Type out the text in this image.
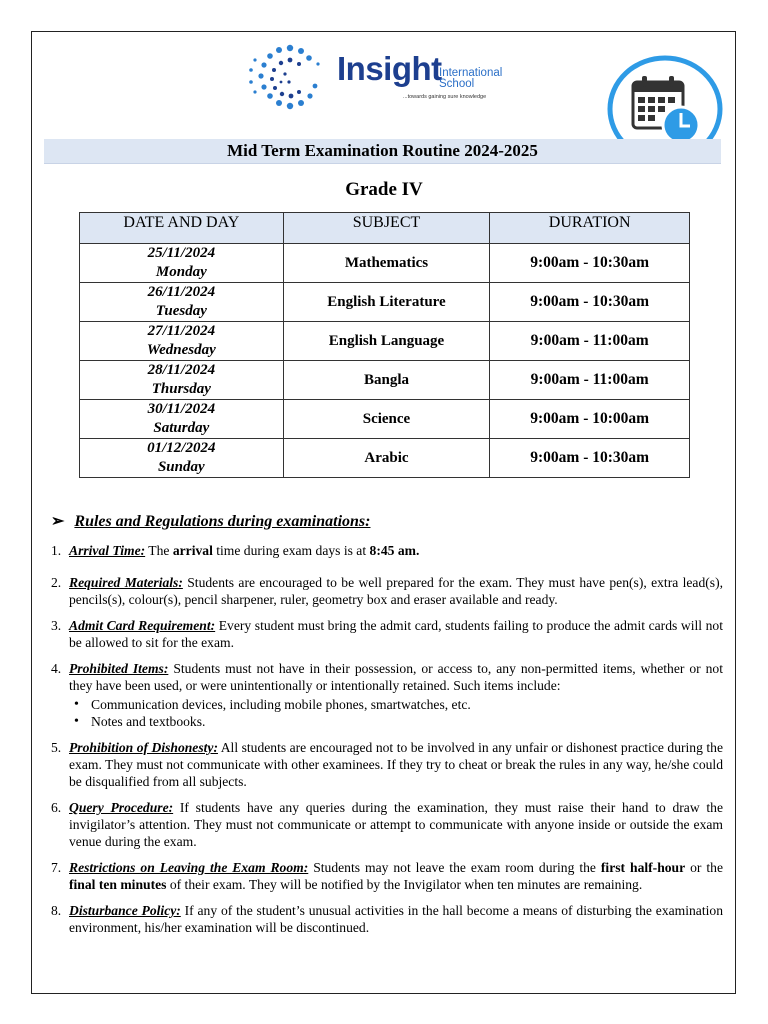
Insight
International
School
...towards gaining sure knowledge
Mid Term Examination Routine 2024-2025
Grade IV
DATE AND DAY	SUBJECT	DURATION
25/11/2024
Monday	Mathematics	9:00am - 10:30am
26/11/2024
Tuesday	English Literature	9:00am - 10:30am
27/11/2024
Wednesday	English Language	9:00am - 11:00am
28/11/2024
Thursday	Bangla	9:00am - 11:00am
30/11/2024
Saturday	Science	9:00am - 10:00am
01/12/2024
Sunday	Arabic	9:00am - 10:30am
➢ Rules and Regulations during examinations:
1. Arrival Time: The arrival time during exam days is at 8:45 am.
2. Required Materials: Students are encouraged to be well prepared for the exam. They must have pen(s), extra lead(s), pencils(s), colour(s), pencil sharpener, ruler, geometry box and eraser available and ready.
3. Admit Card Requirement: Every student must bring the admit card, students failing to produce the admit cards will not be allowed to sit for the exam.
4. Prohibited Items: Students must not have in their possession, or access to, any non-permitted items, whether or not they have been used, or were unintentionally or intentionally retained. Such items include:
• Communication devices, including mobile phones, smartwatches, etc.
• Notes and textbooks.
5. Prohibition of Dishonesty: All students are encouraged not to be involved in any unfair or dishonest practice during the exam. They must not communicate with other examinees. If they try to cheat or break the rules in any way, he/she could be disqualified from all subjects.
6. Query Procedure: If students have any queries during the examination, they must raise their hand to draw the invigilator’s attention. They must not communicate or attempt to communicate with anyone inside or outside the exam venue during the exam.
7. Restrictions on Leaving the Exam Room: Students may not leave the exam room during the first half-hour or the final ten minutes of their exam. They will be notified by the Invigilator when ten minutes are remaining.
8. Disturbance Policy: If any of the student’s unusual activities in the hall become a means of disturbing the examination environment, his/her examination will be discontinued.
